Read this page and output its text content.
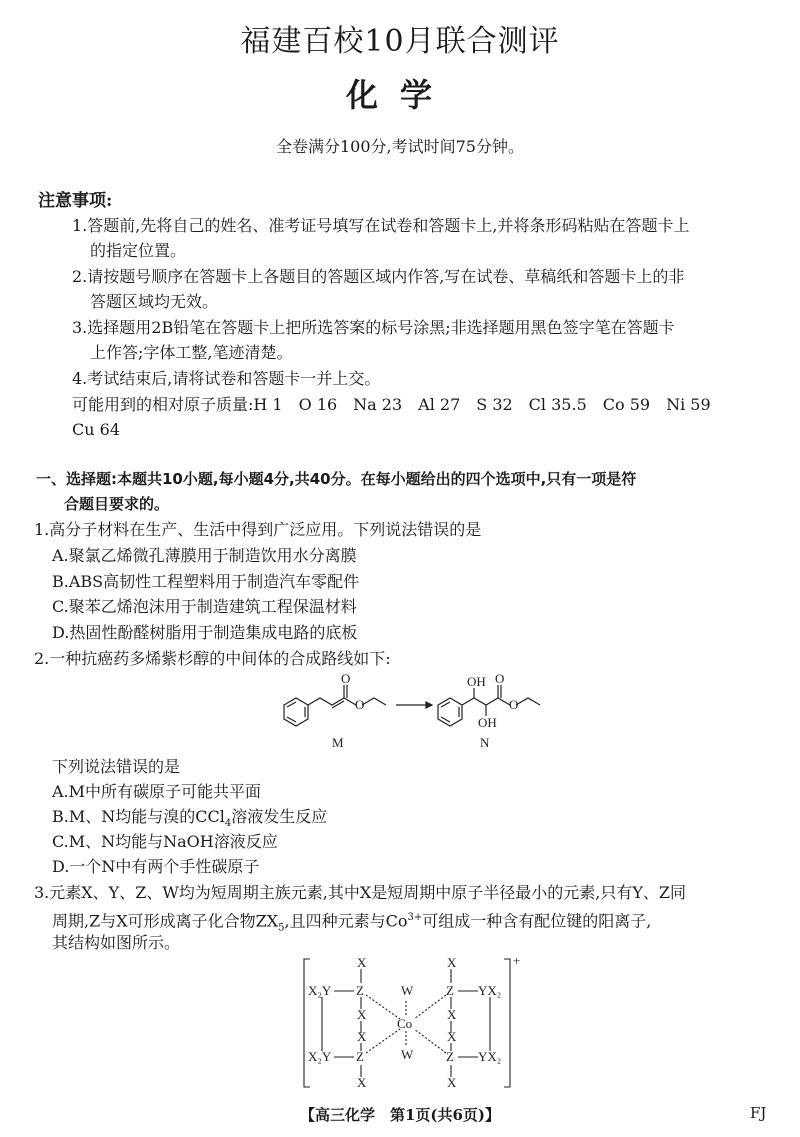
福建百校10月联合测评
化学
全卷满分100分,考试时间75分钟。
注意事项:
1.答题前,先将自己的姓名、准考证号填写在试卷和答题卡上,并将条形码粘贴在答题卡上
的指定位置。
2.请按题号顺序在答题卡上各题目的答题区域内作答,写在试卷、草稿纸和答题卡上的非
答题区域均无效。
3.选择题用2B铅笔在答题卡上把所选答案的标号涂黑;非选择题用黑色签字笔在答题卡
上作答;字体工整,笔迹清楚。
4.考试结束后,请将试卷和答题卡一并上交。
可能用到的相对原子质量:H 1　O 16　Na 23　Al 27　S 32　Cl 35.5　Co 59　Ni 59
Cu 64
一、选择题:本题共10小题,每小题4分,共40分。在每小题给出的四个选项中,只有一项是符
合题目要求的。
1.高分子材料在生产、生活中得到广泛应用。下列说法错误的是
A.聚氯乙烯微孔薄膜用于制造饮用水分离膜
B.ABS高韧性工程塑料用于制造汽车零配件
C.聚苯乙烯泡沫用于制造建筑工程保温材料
D.热固性酚醛树脂用于制造集成电路的底板
2.一种抗癌药多烯紫杉醇的中间体的合成路线如下:
O
O
OH
OH
O
O
M	N
下列说法错误的是
A.M中所有碳原子可能共平面
B.M、N均能与溴的CCl$_4$溶液发生反应
C.M、N均能与NaOH溶液反应
D.一个N中有两个手性碳原子
3.元素X、Y、Z、W均为短周期主族元素,其中X是短周期中原子半径最小的元素,只有Y、Z同
周期,Z与X可形成离子化合物$ZX_5$,且四种元素与$Co^{3+}$可组成一种含有配位键的阳离子,
其结构如图所示。
X	X
X₂Y Z	Z YX₂
W
X	X
Co
X	X
W
X₂Y Z	Z YX₂
X	X
+
【高三化学　第1页(共6页)】	FJ
